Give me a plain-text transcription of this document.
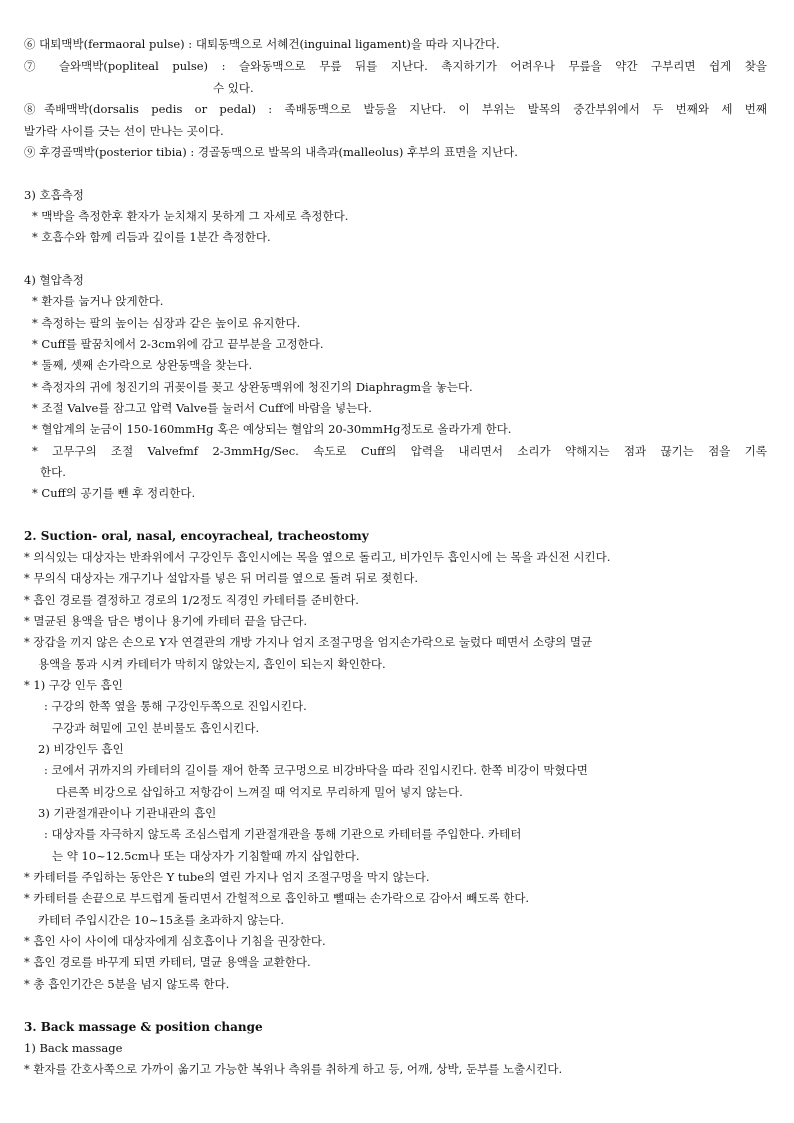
⑥ 대퇴맥박(fermaoral pulse) : 대퇴동맥으로 서혜건(inguinal ligament)을 따라 지나간다.
⑦ 슬와맥박(popliteal pulse) : 슬와동맥으로 무릎 뒤를 지난다. 촉지하기가 어려우나 무릎을 약간 구부리면 쉽게 찾을
수 있다.
⑧족배맥박(dorsalis pedis or pedal) : 족배동맥으로 발등을 지난다. 이 부위는 발목의 중간부위에서 두 번째와 세 번째
발가락 사이를 긋는 선이 만나는 곳이다.
⑨ 후경골맥박(posterior tibia) : 경골동맥으로 발목의 내측과(malleolus) 후부의 표면을 지난다.
3) 호흡측정
* 맥박을 측정한후 환자가 눈치채지 못하게 그 자세로 측정한다.
* 호흡수와 함께 리듬과 깊이를 1분간 측정한다.
4) 혈압측정
* 환자를 눕거나 앉게한다.
* 측정하는 팔의 높이는 심장과 같은 높이로 유지한다.
* Cuff를 팔꿈치에서 2-3cm위에 감고 끝부분을 고정한다.
* 둘째, 셋째 손가락으로 상완동맥을 찾는다.
* 측정자의 귀에 청진기의 귀꽂이를 꽂고 상완동맥위에 청진기의 Diaphragm을 놓는다.
* 조절 Valve를 잠그고 압력 Valve를 눌러서 Cuff에 바람을 넣는다.
* 혈압계의 눈금이 150-160mmHg 혹은 예상되는 혈압의 20-30mmHg정도로 올라가게 한다.
* 고무구의 조절 Valvefmf 2-3mmHg/Sec. 속도로 Cuff의 압력을 내리면서 소리가 약해지는 점과 끊기는 점을 기록
한다.
* Cuff의 공기를 뺀 후 정리한다.
2. Suction- oral, nasal, encoyracheal, tracheostomy
* 의식있는 대상자는 반좌위에서 구강인두 흡인시에는 목을 옆으로 돌리고, 비가인두 흡인시에 는 목을 과신전 시킨다.
* 무의식 대상자는 개구기나 설압자를 넣은 뒤 머리를 옆으로 돌려 뒤로 젖힌다.
* 흡인 경로를 결정하고 경로의 1/2정도 직경인 카테터를 준비한다.
* 멸균된 용액을 담은 병이나 용기에 카테터 끝을 담근다.
* 장갑을 끼지 않은 손으로 Y자 연결관의 개방 가지나 엄지 조절구멍을 엄지손가락으로 눌렀다 떼면서 소량의 멸균
용액을 통과 시켜 카테터가 막히지 않았는지, 흡인이 되는지 확인한다.
* 1) 구강 인두 흡인
: 구강의 한쪽 옆을 통해 구강인두쪽으로 진입시킨다.
구강과 혀밑에 고인 분비물도 흡인시킨다.
2) 비강인두 흡인
: 코에서 귀까지의 카테터의 길이를 재어 한쪽 코구멍으로 비강바닥을 따라 진입시킨다. 한쪽 비강이 막혔다면
다른쪽 비강으로 삽입하고 저항감이 느껴질 때 억지로 무리하게 밀어 넣지 않는다.
3) 기관절개관이나 기관내관의 흡인
: 대상자를 자극하지 않도록 조심스럽게 기관절개관을 통해 기관으로 카테터를 주입한다. 카테터
는 약 10~12.5cm나 또는 대상자가 기침할때 까지 삽입한다.
* 카테터를 주입하는 동안은 Y tube의 열린 가지나 엄지 조절구멍을 막지 않는다.
* 카테터를 손끝으로 부드럽게 돌리면서 간헐적으로 흡인하고 뺄때는 손가락으로 감아서 빼도록 한다.
카테터 주입시간은 10~15초를 초과하지 않는다.
* 흡인 사이 사이에 대상자에게 심호흡이나 기침을 권장한다.
* 흡인 경로를 바꾸게 되면 카테터, 멸균 용액을 교환한다.
* 총 흡인기간은 5분을 넘지 않도록 한다.
3. Back massage & position change
1) Back massage
* 환자를 간호사쪽으로 가까이 옮기고 가능한 복위나 측위를 취하게 하고 등, 어깨, 상박, 둔부를 노출시킨다.
